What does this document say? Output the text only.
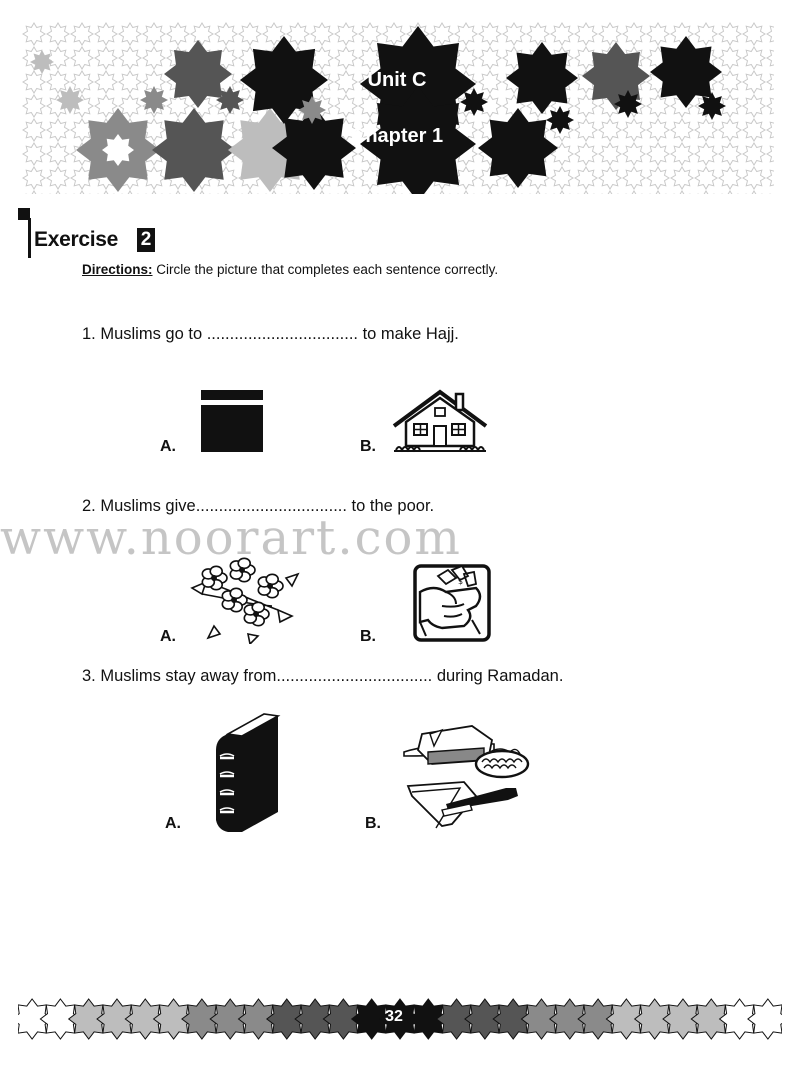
Unit C
Chapter 1
Exercise 2
Directions: Circle the picture that completes each sentence correctly.
1. Muslims go to ................................. to make Hajj.
A.	B.
2. Muslims give................................. to the poor.
A.	B.
$
3. Muslims stay away from.................................. during Ramadan.
A.	B.
www.noorart.com
32
